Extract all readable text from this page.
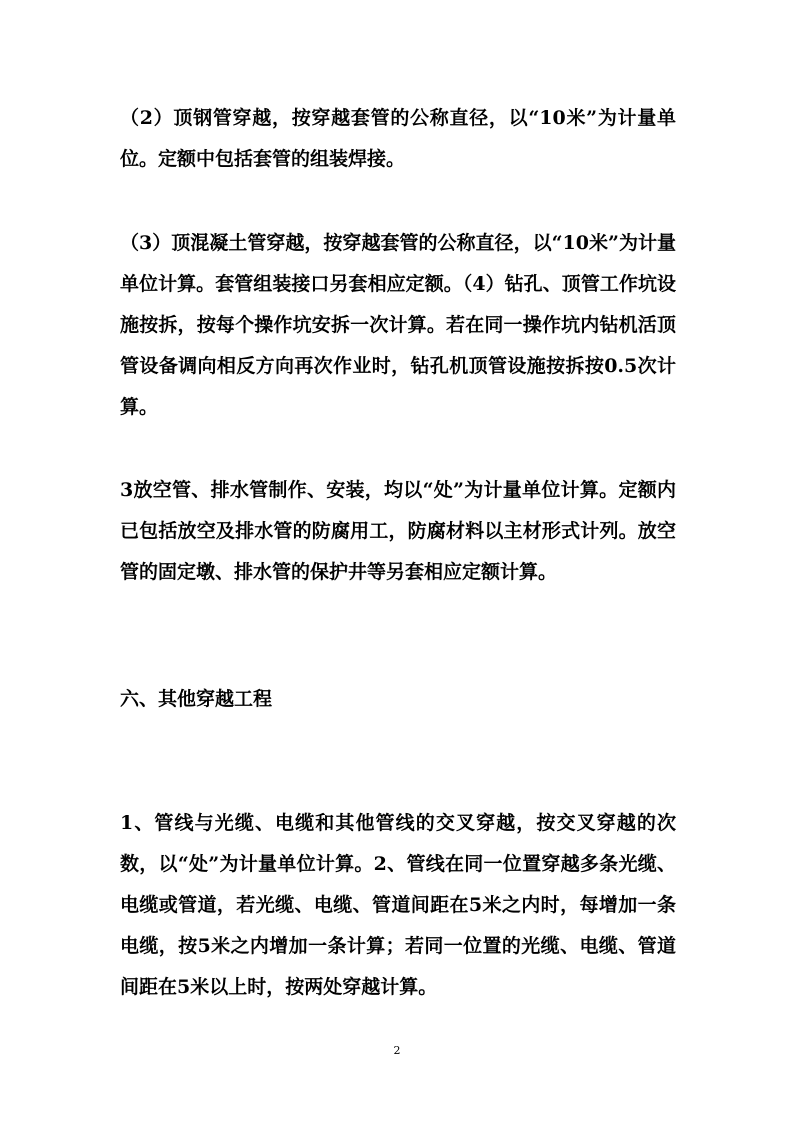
（2）顶钢管穿越，按穿越套管的公称直径，以“10米”为计量单位。定额中包括套管的组装焊接。

（3）顶混凝土管穿越，按穿越套管的公称直径，以“10米”为计量单位计算。套管组装接口另套相应定额。（4）钻孔、顶管工作坑设施按拆，按每个操作坑安拆一次计算。若在同一操作坑内钻机活顶管设备调向相反方向再次作业时，钻孔机顶管设施按拆按0.5次计算。

3放空管、排水管制作、安装，均以“处”为计量单位计算。定额内已包括放空及排水管的防腐用工，防腐材料以主材形式计列。放空管的固定墩、排水管的保护井等另套相应定额计算。

六、其他穿越工程

1、管线与光缆、电缆和其他管线的交叉穿越，按交叉穿越的次数，以“处”为计量单位计算。2、管线在同一位置穿越多条光缆、电缆或管道，若光缆、电缆、管道间距在5米之内时，每增加一条电缆，按5米之内增加一条计算；若同一位置的光缆、电缆、管道间距在5米以上时，按两处穿越计算。

2
